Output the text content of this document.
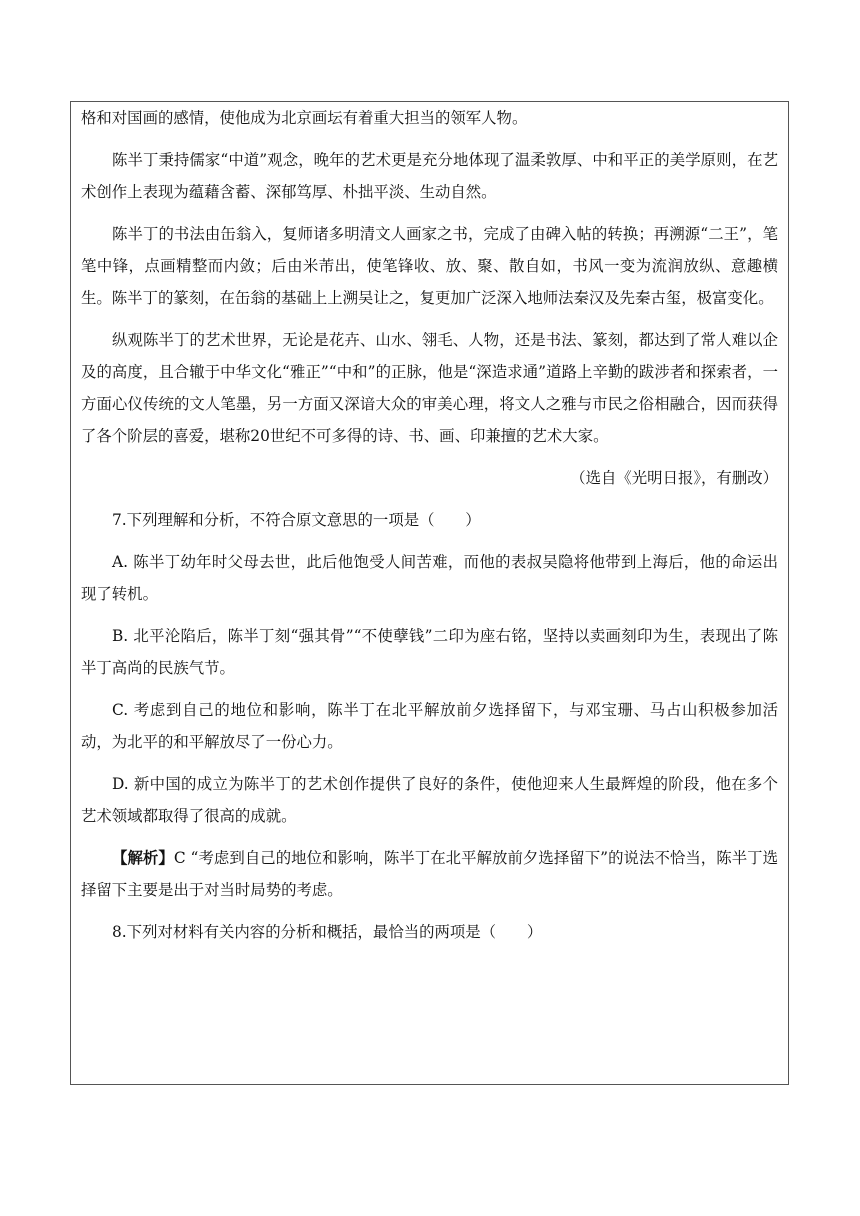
格和对国画的感情，使他成为北京画坛有着重大担当的领军人物。

陈半丁秉持儒家“中道”观念，晚年的艺术更是充分地体现了温柔敦厚、中和平正的美学原则，在艺术创作上表现为蕴藉含蓄、深郁笃厚、朴拙平淡、生动自然。

陈半丁的书法由缶翁入，复师诸多明清文人画家之书，完成了由碑入帖的转换；再溯源“二王”，笔笔中锋，点画精整而内敛；后由米芾出，使笔锋收、放、聚、散自如，书风一变为流润放纵、意趣横生。陈半丁的篆刻，在缶翁的基础上上溯吴让之，复更加广泛深入地师法秦汉及先秦古玺，极富变化。

纵观陈半丁的艺术世界，无论是花卉、山水、翎毛、人物，还是书法、篆刻，都达到了常人难以企及的高度，且合辙于中华文化“雅正”“中和”的正脉，他是“深造求通”道路上辛勤的跋涉者和探索者，一方面心仪传统的文人笔墨，另一方面又深谙大众的审美心理，将文人之雅与市民之俗相融合，因而获得了各个阶层的喜爱，堪称20世纪不可多得的诗、书、画、印兼擅的艺术大家。

（选自《光明日报》，有删改）

7.下列理解和分析，不符合原文意思的一项是（　　）

A. 陈半丁幼年时父母去世，此后他饱受人间苦难，而他的表叔吴隐将他带到上海后，他的命运出现了转机。

B. 北平沦陷后，陈半丁刻“强其骨”“不使孽钱”二印为座右铭，坚持以卖画刻印为生，表现出了陈半丁高尚的民族气节。

C. 考虑到自己的地位和影响，陈半丁在北平解放前夕选择留下，与邓宝珊、马占山积极参加活动，为北平的和平解放尽了一份心力。

D. 新中国的成立为陈半丁的艺术创作提供了良好的条件，使他迎来人生最辉煌的阶段，他在多个艺术领域都取得了很高的成就。

【解析】C “考虑到自己的地位和影响，陈半丁在北平解放前夕选择留下”的说法不恰当，陈半丁选择留下主要是出于对当时局势的考虑。

8.下列对材料有关内容的分析和概括，最恰当的两项是（　　）
